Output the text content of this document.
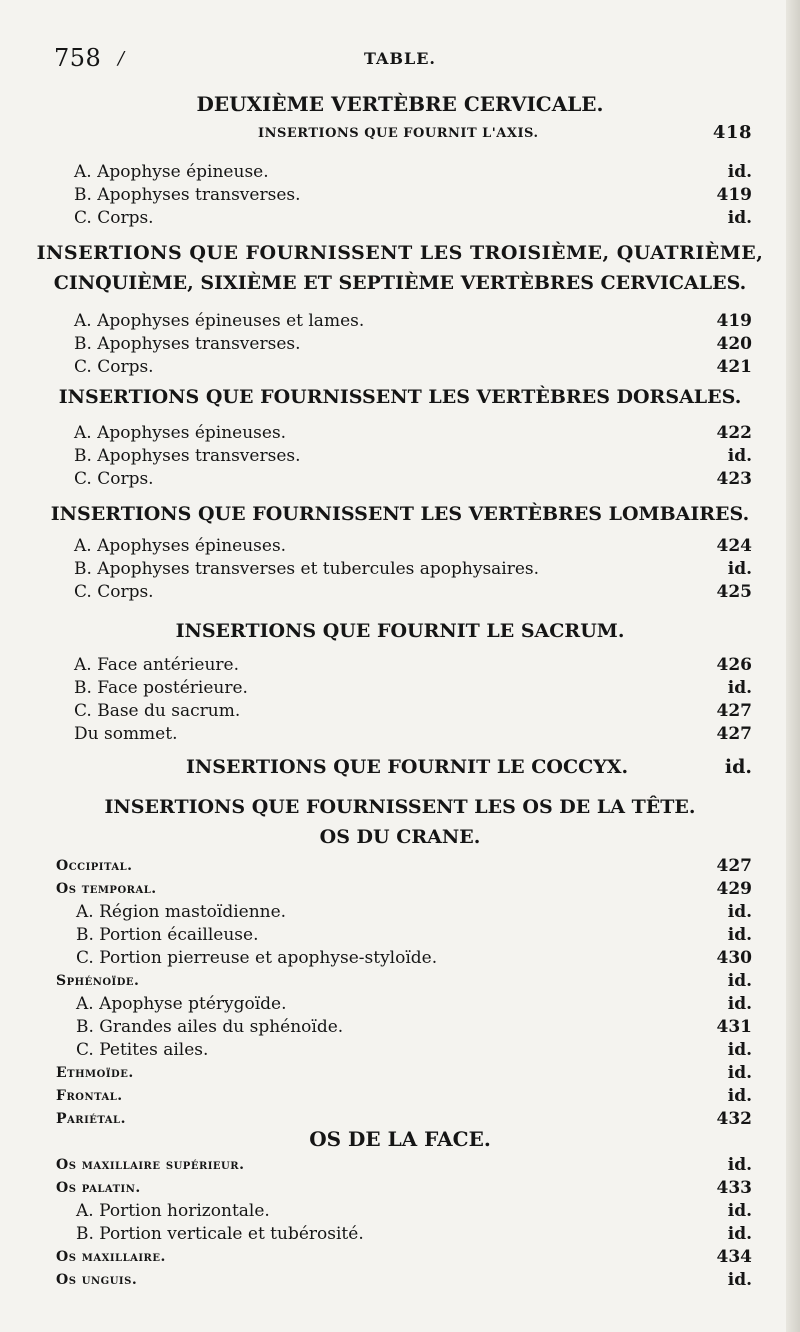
758 /	TABLE.
DEUXIÈME VERTÈBRE CERVICALE.
INSERTIONS QUE FOURNIT L'AXIS.	418
A. Apophyse épineuse.	id.
B. Apophyses transverses.	419
C. Corps.	id.
INSERTIONS QUE FOURNISSENT LES TROISIÈME, QUATRIÈME,
CINQUIÈME, SIXIÈME ET SEPTIÈME VERTÈBRES CERVICALES.
A. Apophyses épineuses et lames.	419
B. Apophyses transverses.	420
C. Corps.	421
INSERTIONS QUE FOURNISSENT LES VERTÈBRES DORSALES.
A. Apophyses épineuses.	422
B. Apophyses transverses.	id.
C. Corps.	423
INSERTIONS QUE FOURNISSENT LES VERTÈBRES LOMBAIRES.
A. Apophyses épineuses.	424
B. Apophyses transverses et tubercules apophysaires.	id.
C. Corps.	425
INSERTIONS QUE FOURNIT LE SACRUM.
A. Face antérieure.	426
B. Face postérieure.	id.
C. Base du sacrum.	427
Du sommet.	427
INSERTIONS QUE FOURNIT LE COCCYX.	id.
INSERTIONS QUE FOURNISSENT LES OS DE LA TÊTE.
OS DU CRANE.
Occipital.	427
Os temporal.	429
A. Région mastoïdienne.	id.
B. Portion écailleuse.	id.
C. Portion pierreuse et apophyse-styloïde.	430
Sphénoïde.	id.
A. Apophyse ptérygoïde.	id.
B. Grandes ailes du sphénoïde.	431
C. Petites ailes.	id.
Ethmoïde.	id.
Frontal.	id.
Pariétal.	432
OS DE LA FACE.
Os maxillaire supérieur.	id.
Os palatin.	433
A. Portion horizontale.	id.
B. Portion verticale et tubérosité.	id.
Os maxillaire.	434
Os unguis.	id.
